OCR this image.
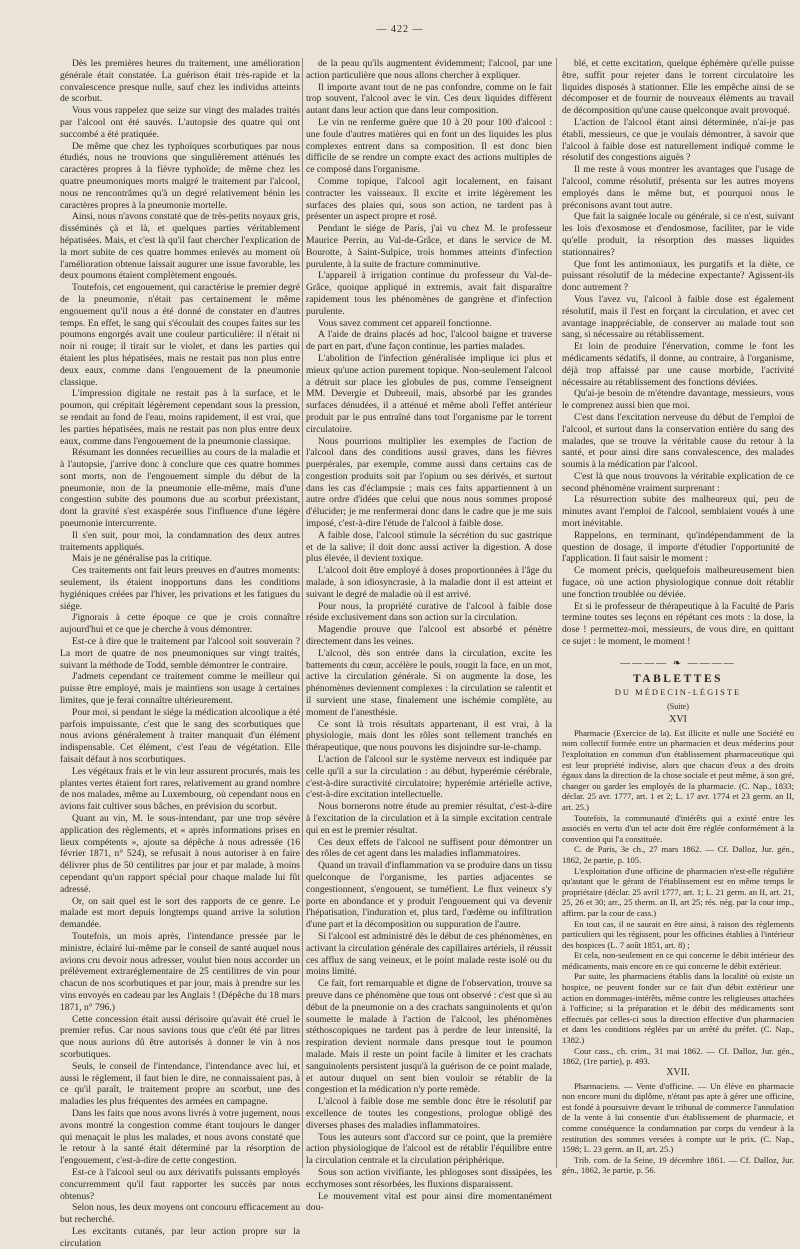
— 422 —

Dès les premières heures du traitement, une amélioration générale était constatée. La guérison était très-rapide et la convalescence presque nulle, sauf chez les individus atteints de scorbut.

Vous vous rappelez que seize sur vingt des malades traités par l'alcool ont été sauvés. L'autopsie des quatre qui ont succombé a été pratiquée.

De même que chez les typhoïques scorbutiques par nous étudiés, nous ne trouvions que singulièrement atténués les caractères propres à la fièvre typhoïde; de même chez les quatre pneumoniques morts malgré le traitement par l'alcool, nous ne rencontrâmes qu'à un degré relativement bénin les caractères propres à la pneumonie mortelle.

Ainsi, nous n'avons constaté que de très-petits noyaux gris, disséminés çà et là, et quelques parties véritablement hépatisées. Mais, et c'est là qu'il faut chercher l'explication de la mort subite de ces quatre hommes enlevés au moment où l'amélioration obtenue laissait augurer une issue favorable, les deux poumons étaient complètement engoués.

Toutefois, cet engouement, qui caractérise le premier degré de la pneumonie, n'était pas certainement le même engouement qu'il nous a été donné de constater en d'autres temps. En effet, le sang qui s'écoulait des coupes faites sur les poumons engorgés avait une couleur particulière: il n'était ni noir ni rouge; il tirait sur le violet, et dans les parties qui étaient les plus hépatisées, mais ne restait pas non plus entre deux eaux, comme dans l'engouement de la pneumonie classique.

L'impression digitale ne restait pas à la surface, et le poumon, qui crépitait légèrement cependant sous la pression, se rendait au fond de l'eau, moins rapidement, il est vrai, que les parties hépatisées, mais ne restait pas non plus entre deux eaux, comme dans l'engouement de la pneumonie classique.

Résumant les données recueillies au cours de la maladie et à l'autopsie, j'arrive donc à conclure que ces quatre hommes sont morts, non de l'engouement simple du début de la pneumonie, non de la pneumonie elle-même, mais d'une congestion subite des poumons due au scorbut préexistant, dont la gravité s'est exaspérée sous l'influence d'une légère pneumonie intercurrente.

Il s'en suit, pour moi, la condamnation des deux autres traitements appliqués.

Mais je ne généralise pas la critique.

Ces traitements ont fait leurs preuves en d'autres moments: seulement, ils étaient inopportuns dans les conditions hygiéniques créées par l'hiver, les privations et les fatigues du siége.

J'ignorais à cette époque ce que je crois connaître aujourd'hui et ce que je cherche à vous démontrer.

Est-ce à dire que le traitement par l'alcool soit souverain ? La mort de quatre de nos pneumoniques sur vingt traités, suivant la méthode de Todd, semble démontrer le contraire.

J'admets cependant ce traitement comme le meilleur qui puisse être employé, mais je maintiens son usage à certaines limites, que je ferai connaître ultérieurement.

Pour moi, si pendant le siége la médication alcoolique a été parfois impuissante, c'est que le sang des scorbutiques que nous avions généralement à traiter manquait d'un élément indispensable. Cet élément, c'est l'eau de végétation. Elle faisait défaut à nos scorbutiques.

Les végétaux frais et le vin leur assurent procurés, mais les plantes vertes étaient fort rares, relativement au grand nombre de nos malades, même au Luxembourg, où cependant nous en avions fait cultiver sous bâches, en prévision du scorbut.

Quant au vin, M. le sous-intendant, par une trop sévère application des règlements, et « après informations prises en lieux compétents », ajoute sa dépêche à nous adressée (16 février 1871, n° 524), se refusait à nous autoriser à en faire délivrer plus de 50 centilitres par jour et par malade, à moins cependant qu'un rapport spécial pour chaque malade lui fût adressé.

Or, on sait quel est le sort des rapports de ce genre. Le malade est mort depuis longtemps quand arrive la solution demandée.

Toutefois, un mois après, l'intendance pressée par le ministre, éclairé lui-même par le conseil de santé auquel nous avions cru devoir nous adresser, voulut bien nous accorder un prélèvement extraréglementaire de 25 centilitres de vin pour chacun de nos scorbutiques et par jour, mais à prendre sur les vins envoyés en cadeau par les Anglais ! (Dépêche du 18 mars 1871, n° 796.)

Cette concession était aussi dérisoire qu'avait été cruel le premier refus. Car nous savions tous que c'eût été par litres que nous aurions dû être autorisés à donner le vin à nos scorbutiques.

Seuls, le conseil de l'intendance, l'intendance avec lui, et aussi le règlement, il faut bien le dire, ne connaissaient pas, à ce qu'il paraît, le traitement propre au scorbut, une des maladies les plus fréquentes des armées en campagne.

Dans les faits que nous avons livrés à votre jugement, nous avons montré la congestion comme étant toujours le danger qui menaçait le plus les malades, et nous avons constaté que le retour à la santé était déterminé par la résorption de l'engouement, c'est-à-dire de cette congestion.

Est-ce à l'alcool seul ou aux dérivatifs puissants employés concurremment qu'il faut rapporter les succès par nous obtenus?

Selon nous, les deux moyens ont concouru efficacement au but recherché.

Les excitants cutanés, par leur action propre sur la circulation

de la peau qu'ils augmentent évidemment; l'alcool, par une action particulière que nous allons chercher à expliquer.

Il importe avant tout de ne pas confondre, comme on le fait trop souvent, l'alcool avec le vin. Ces deux liquides diffèrent autant dans leur action que dans leur composition.

Le vin ne renferme guère que 10 à 20 pour 100 d'alcool : une foule d'autres matières qui en font un des liquides les plus complexes entrent dans sa composition. Il est donc bien difficile de se rendre un compte exact des actions multiples de ce composé dans l'organisme.

Comme topique, l'alcool agit localement, en faisant contracter les vaisseaux. Il excite et irrite légèrement les surfaces des plaies qui, sous son action, ne tardent pas à présenter un aspect propre et rosé.

Pendant le siége de Paris, j'ai vu chez M. le professeur Maurice Perrin, au Val-de-Grâce, et dans le service de M. Bourotte, à Saint-Sulpice, trois hommes atteints d'infection purulente, à la suite de fracture comminutive.

L'appareil à irrigation continue du professeur du Val-de-Grâce, quoique appliqué in extremis, avait fait disparaître rapidement tous les phénomènes de gangrène et d'infection purulente.

Vous savez comment cet appareil fonctionne.

A l'aide de drains placés ad hoc, l'alcool baigne et traverse de part en part, d'une façon continue, les parties malades.

L'abolition de l'infection généralisée implique ici plus et mieux qu'une action purement topique. Non-seulement l'alcool a détruit sur place les globules de pus, comme l'enseignent MM. Devergie et Dubreuil, mais, absorbé par les grandes surfaces dénudées, il a atténué et même aboli l'effet antérieur produit par le pus entraîné dans tout l'organisme par le torrent circulatoire.

Nous pourrions multiplier les exemples de l'action de l'alcool dans des conditions aussi graves, dans les fièvres puerpérales, par exemple, comme aussi dans certains cas de congestion produits soit par l'opium ou ses dérivés, et surtout dans les cas d'éclampsie ; mais ces faits appartiennent à un autre ordre d'idées que celui que nous nous sommes proposé d'élucider; je me renfermerai donc dans le cadre que je me suis imposé, c'est-à-dire l'étude de l'alcool à faible dose.

A faible dose, l'alcool stimule la sécrétion du suc gastrique et de la salive; il doit donc aussi activer la digestion. A dose plus élevée, il devient toxique.

L'alcool doit être employé à doses proportionnées à l'âge du malade, à son idiosyncrasie, à la maladie dont il est atteint et suivant le degré de maladie où il est arrivé.

Pour nous, la propriété curative de l'alcool à faible dose réside exclusivement dans son action sur la circulation.

Magendie prouve que l'alcool est absorbé et pénètre directement dans les veines.

L'alcool, dès son entrée dans la circulation, excite les battements du cœur, accélère le pouls, rougit la face, en un mot, active la circulation générale. Si on augmente la dose, les phénomènes deviennent complexes : la circulation se ralentit et il survient une stase, finalement une ischémie complète, au moment de l'anesthésie.

Ce sont là trois résultats appartenant, il est vrai, à la physiologie, mais dont les rôles sont tellement tranchés en thérapeutique, que nous pouvons les disjoindre sur-le-champ.

L'action de l'alcool sur le système nerveux est indiquée par celle qu'il a sur la circulation : au début, hyperémie cérébrale, c'est-à-dire suractivité circulatoire; hyperémie artérielle active, c'est-à-dire excitation intellectuelle.

Nous bornerons notre étude au premier résultat, c'est-à-dire à l'excitation de la circulation et à la simple excitation centrale qui en est le premier résultat.

Ces deux effets de l'alcool ne suffisent pour démontrer un des rôles de cet agent dans les maladies inflammatoires.

Quand un travail d'inflammation va se produire dans un tissu quelconque de l'organisme, les parties adjacentes se congestionnent, s'engouent, se tuméfient. Le flux veineux s'y porte en abondance et y produit l'engouement qui va devenir l'hépatisation, l'induration et, plus tard, l'œdème ou infiltration d'une part et la décomposition ou suppuration de l'autre.

Si l'alcool est administré dès le début de ces phénomènes, en activant la circulation générale des capillaires artériels, il réussit ces afflux de sang veineux, et le point malade reste isolé ou du moins limité.

Ce fait, fort remarquable et digne de l'observation, trouve sa preuve dans ce phénomène que tous ont observé : c'est que si au début de la pneumonie on a des crachats sanguinolents et qu'on soumette le malade à l'action de l'alcool, les phénomènes stéthoscopiques ne tardent pas à perdre de leur intensité, la respiration devient normale dans presque tout le poumon malade. Mais il reste un point facile à limiter et les crachats sanguinolents persistent jusqu'à la guérison de ce point malade, et autour duquel on sent bien vouloir se rétablir de la congestion et la médication n'y porte remède.

L'alcool à faible dose me semble donc être le résolutif par excellence de toutes les congestions, prologue obligé des diverses phases des maladies inflammatoires.

Tous les auteurs sont d'accord sur ce point, que la première action physiologique de l'alcool est de rétablir l'équilibre entre la circulation centrale et la circulation périphérique.

Sous son action vivifiante, les phlogoses sont dissipées, les ecchymoses sont résorbées, les fluxions disparaissent.

Le mouvement vital est pour ainsi dire momentanément dou-

blé, et cette excitation, quelque éphémère qu'elle puisse être, suffit pour rejeter dans le torrent circulatoire les liquides disposés à stationner. Elle les empêche ainsi de se décomposer et de fournir de nouveaux éléments au travail de décomposition qu'une cause quelconque avait provoqué.

L'action de l'alcool étant ainsi déterminée, n'ai-je pas établi, messieurs, ce que je voulais démontrer, à savoir que l'alcool à faible dose est naturellement indiqué comme le résolutif des congestions aiguës ?

Il me reste à vous montrer les avantages que l'usage de l'alcool, comme résolutif, présenta sur les autres moyens employés dans le même but, et pourquoi nous le préconisons avant tout autre.

Que fait la saignée locale ou générale, si ce n'est, suivant les lois d'exosmose et d'endosmose, faciliter, par le vide qu'elle produit, la résorption des masses liquides stationnaires?

Que font les antimoniaux, les purgatifs et la diète, ce puissant résolutif de la médecine expectante? Agissent-ils donc autrement ?

Vous l'avez vu, l'alcool à faible dose est également résolutif, mais il l'est en forçant la circulation, et avec cet avantage inappréciable, de conserver au malade tout son sang, si nécessaire au rétablissement.

Et loin de produire l'énervation, comme le font les médicaments sédatifs, il donne, au contraire, à l'organisme, déjà trop affaissé par une cause morbide, l'activité nécessaire au rétablissement des fonctions déviées.

Qu'ai-je besoin de m'étendre davantage, messieurs, vous le comprenez aussi bien que moi.

C'est dans l'excitation nerveuse du début de l'emploi de l'alcool, et surtout dans la conservation entière du sang des malades, que se trouve la véritable cause du retour à la santé, et pour ainsi dire sans convalescence, des malades soumis à la médication par l'alcool.

C'est là que nous trouvons la véritable explication de ce second phénomène vraiment surprenant :

La résurrection subite des malheureux qui, peu de minutes avant l'emploi de l'alcool, semblaient voués à une mort inévitable.

Rappelons, en terminant, qu'indépendamment de la question de dosage, il importe d'étudier l'opportunité de l'application. Il faut saisir le moment :

Ce moment précis, quelquefois malheureusement bien fugace, où une action physiologique connue doit rétablir une fonction troublée ou déviée.

Et si le professeur de thérapeutique à la Faculté de Paris termine toutes ses leçons en répétant ces mots : la dose, la dose ! permettez-moi, messieurs, de vous dire, en quittant ce sujet : le moment, le moment !

———— ❧ ————
TABLETTES
DU MÉDECIN-LÉGISTE
(Suite)
XVI

Pharmacie (Exercice de la). Est illicite et nulle une Société en nom collectif formée entre un pharmacien et deux médecins pour l'exploitation en commun d'un établissement pharmaceutique qui est leur propriété indivise, alors que chacun d'eux a des droits égaux dans la direction de la chose sociale et peut même, à son gré, changer ou garder les employés de la pharmacie. (C. Nap., 1833; déclar. 25 avr. 1777, art. 1 et 2; L. 17 avr. 1774 et 23 germ. an II, art. 25.)

Toutefois, la communauté d'intérêts qui a existé entre les associés en vertu d'un tel acte doit être réglée conformément à la convention qui l'a constituée.

C. de Paris, 3e ch., 27 mars 1862. — Cf. Dalloz, Jur. gén., 1862, 2e partie, p. 105.

L'exploitation d'une officine de pharmacien n'est-elle régulière qu'autant que le gérant de l'établissement est en même temps le propriétaire (déclar. 25 avril 1777, art. 1; L. 21 germ. an II, art. 21, 25, 26 et 30; arr., 25 therm. an II, art 25; rés. nég. par la cour imp., affirm. par la cour de cass.)

En tout cas, il ne saurait en être ainsi, à raison des règlements particuliers qui les régissent, pour les officines établies à l'intérieur des hospices (L. 7 août 1851, art. 8) ;

Et cela, non-seulement en ce qui concerne le débit intérieur des médicaments, mais encore en ce qui concerne le débit extérieur.

Par suite, les pharmaciens établis dans la localité où existe un hospice, ne peuvent fonder sur ce fait d'un débit extérieur une action en dommages-intérêts, même contre les religieuses attachées à l'officine; si la préparation et le débit des médicaments sont effectués par celles-ci sous la direction effective d'un pharmacien et dans les conditions réglées par un arrêté du préfet. (C. Nap., 1382.)

Cour cass., ch. crim., 31 mai 1862. — Cf. Dalloz, Jur. gén., 1862, (1re partie), p. 493.

XVII.

Pharmaciens. — Vente d'officine. — Un élève en pharmacie non encore muni du diplôme, n'étant pas apte à gérer une officine, est fondé à poursuivre devant le tribunal de commerce l'annulation de la vente à lui consentie d'un établissement de pharmacie, et comme conséquence la condamnation par corps du vendeur à la restitution des sommes versées à compte sur le prix. (C. Nap., 1598; L. 23 germ. an II, art. 25.)

Trib. com. de la Seine, 19 décembre 1861. — Cf. Dalloz, Jur. gén., 1862, 3e partie, p. 56.
